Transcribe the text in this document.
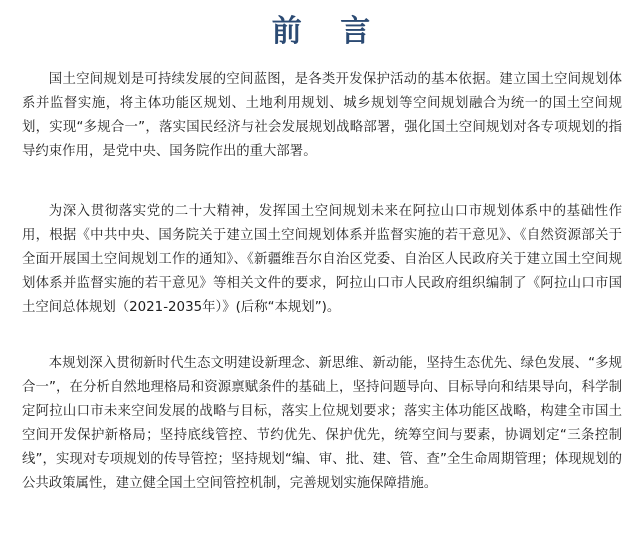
前 言

国土空间规划是可持续发展的空间蓝图，是各类开发保护活动的基本依据。建立国土空间规划体系并监督实施，将主体功能区规划、土地利用规划、城乡规划等空间规划融合为统一的国土空间规划，实现“多规合一”，落实国民经济与社会发展规划战略部署，强化国土空间规划对各专项规划的指导约束作用，是党中央、国务院作出的重大部署。

为深入贯彻落实党的二十大精神，发挥国土空间规划未来在阿拉山口市规划体系中的基础性作用，根据《中共中央、国务院关于建立国土空间规划体系并监督实施的若干意见》、《自然资源部关于全面开展国土空间规划工作的通知》、《新疆维吾尔自治区党委、自治区人民政府关于建立国土空间规划体系并监督实施的若干意见》等相关文件的要求，阿拉山口市人民政府组织编制了《阿拉山口市国土空间总体规划（2021-2035年）》(后称“本规划”)。

本规划深入贯彻新时代生态文明建设新理念、新思维、新动能，坚持生态优先、绿色发展、“多规合一”，在分析自然地理格局和资源禀赋条件的基础上，坚持问题导向、目标导向和结果导向，科学制定阿拉山口市未来空间发展的战略与目标，落实上位规划要求；落实主体功能区战略，构建全市国土空间开发保护新格局；坚持底线管控、节约优先、保护优先，统筹空间与要素，协调划定“三条控制线”，实现对专项规划的传导管控；坚持规划“编、审、批、建、管、查”全生命周期管理；体现规划的公共政策属性，建立健全国土空间管控机制，完善规划实施保障措施。
